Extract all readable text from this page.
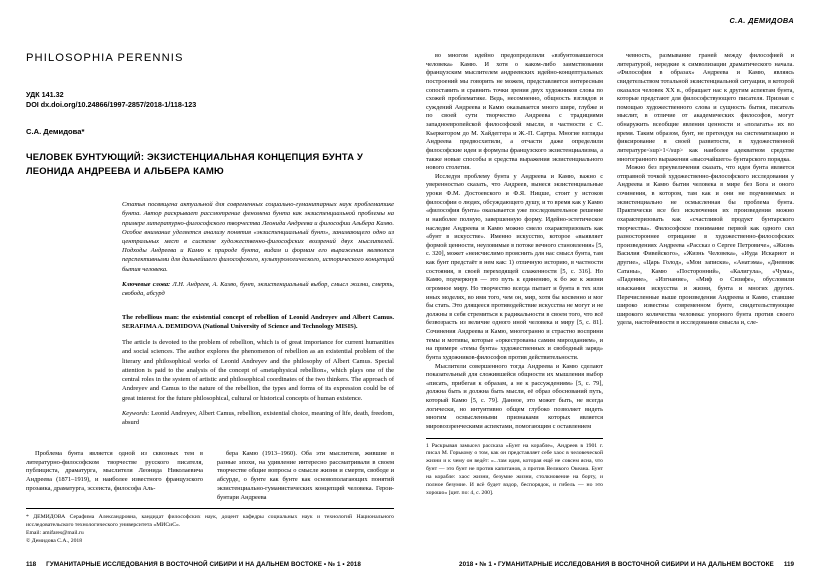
PHILOSOPHIA PERENNIS
УДК 141.32
DOI dx.doi.org/10.24866/1997-2857/2018-1/118-123
С.А. Демидова*
ЧЕЛОВЕК БУНТУЮЩИЙ: ЭКЗИСТЕНЦИАЛЬНАЯ КОНЦЕПЦИЯ БУНТА У ЛЕОНИДА АНДРЕЕВА И АЛЬБЕРА КАМЮ
Статья посвящена актуальной для современных социально-гуманитарных наук проблематике бунта. Автор раскрывает рассмотрение феномена бунта как экзистенциальной проблемы на примере литературно-философского творчества Леонида Андреева и философии Альбера Камю. Особое внимание уделяется анализу понятия «экзистенциальный бунт», занимающего одно из центральных мест в системе художественно-философских воззрений двух мыслителей. Подходы Андреева и Камю к природе бунта, видам и формам его выражения являются перспективными для дальнейшего философского, культурологического, исторического концепций бытия человека.
Ключевые слова: Л.Н. Андреев, А. Камю, бунт, экзистенциальный выбор, смысл жизни, смерть, свобода, абсурд
The rebellious man: the existential concept of rebellion of Leonid Andreyev and Albert Camus. SERAFIMA A. DEMIDOVA (National University of Science and Technology MISIS).
The article is devoted to the problem of rebellion, which is of great importance for current humanities and social sciences. The author explores the phenomenon of rebellion as an existential problem of the literary and philosophical works of Leonid Andreyev and the philosophy of Albert Camus. Special attention is paid to the analysis of the concept of «metaphysical rebellion», which plays one of the central roles in the system of artistic and philosophical coordinates of the two thinkers. The approach of Andreyev and Camus to the nature of the rebellion, the types and forms of its expression could be of great interest for the future philosophical, cultural or historical concepts of human existence.
Keywords: Leonid Andreyev, Albert Camus, rebellion, existential choice, meaning of life, death, freedom, absurd

Проблема бунта является одной из сквозных тем в литературно-философском творчестве русского писателя, публициста, драматурга, мыслителя Леонида Николаевича Андреева (1871–1919), и наиболее известного французского прозаика, драматурга, эссеиста, философа Аль-

бера Камю (1913–1960). Оба эти мыслителя, жившие в разные эпохи, на удивление интересно рассматривали в своем творчестве общие вопросы о смысле жизни и смерти, свободе и абсурде, о бунте как бунте как основополагающих понятий экзистенциально-гуманистических концепций человека. Герои-бунтари Андреева

* ДЕМИДОВА Серафима Александровна, кандидат философских наук, доцент кафедры социальных наук и технологий Национального исследовательского технологического университета «МИСиС».
Email: amifares@mail.ru
© Демидова С.А., 2018
118 ГУМАНИТАРНЫЕ ИССЛЕДОВАНИЯ В ВОСТОЧНОЙ СИБИРИ И НА ДАЛЬНЕМ ВОСТОКЕ • № 1 • 2018
С.А. ДЕМИДОВА

во многом идейно предопределили «взбунтовавшегося человека» Камю. И хотя о каком-либо заимствовании французским мыслителем андреевских идейно-концептуальных построений мы говорить не можем, представляется интересным сопоставить и сравнить точки зрения двух художников слова по схожей проблематике. Ведь, несомненно, общность взглядов и суждений Андреева и Камю оказывается много шире, глубже и по своей сути творчество Андреева с традициями западноевропейской философской мысли, в частности с С. Кьеркегором до М. Хайдеггера и Ж.-П. Сартра. Многие взгляды Андреева предвосхитили, а отчасти даже определили философские идеи и формулы французского экзистенциализма, а также новые способы и средства выражения экзистенциального нового столетия.

Исследуя проблему бунта у Андреева и Камю, важно с уверенностью сказать, что Андреев, вынеся экзистенциальные уроки Ф.М. Достоевского и Ф.Я. Ницше, стоит у истоков философии о людях, обсуждающего душу, и то время как у Камю «философия бунта» оказывается уже последовательное решение и наиболее полную, завершенную форму. Идейно-эстетическое наследие Андреева и Камю можно смело охарактеризовать как «бунт в искусстве». Именно искусство, которое «выявляет формой ценности, неуловимые в потоке вечного становления» [5, с. 320], может «неисчислимо прояснить для нас смысл бунта, там как бунт предстаёт в нем как: 1) отличную историю, в частности состояния, в своей переходящей слаженности [5, с. 316]. Но Камю, подчеркнув — это путь к единению, к бо же к жизни огромное миру. Но творчество всегда пытает и бунта в тех или иных моделях, во имя того, чем он, мир, хотя бы косвенно и мог бы стать. Это длящееся противодействие искусства не могут и не должны в себя стремиться к радикальности в своем того, что всё безвозрасть из величие одного иной человека и миру [5, с. 81]. Сочинения Андреева и Камю, многогранно и страстно восприни темы и мотивы, которые «оркестрованы самим мирозданием», и на примере «темы бунта» художественных и свободный заряд» бунта художников-философов против действительности.

Мыслители совершенного тогда Андреева и Камю сделают показательный для сложившейся общности их мышления выбор «писать, прибегая к образам, а не к рассуждениям» [5, с. 79], должна быть и должна быть мысли, её образ обоснований путь, который Камю [5, с. 79]. Данное, это может быть, не всегда логически, но интуитивно общем глубоко позволяет видеть многим осмысленными признаками которых является мировоззренческими аспектами, помогающим с оставлением

1 Раскрывая замысел рассказа «Бунт на корабле», Андреев в 1901 г. писал М. Горькому о том, как он представляет себе хаос в человеческой жизни и к чему он ведёт: «...там идея, которая ещё не совсем ясна, что бунт — это бунт не против капитанов, а против Великого Океана. Бунт на корабле: хаос жизни, безумие жизни, столкновение на борту, и полное безумие. И всё будет вздор, беспорядок, и гибель — но это хорошо» [цит. по: 4, с. 200].

чевность, размывание граней между философией и литературой, нередкие к символизации драматического начала. «Философия в образах» Андреева и Камю, являясь свидетельством тотальной экзистенциальной ситуации, в которой оказался человек XX в., обращает нас к другим аспектам бунта, которые предстают для философствующего писателя. Признав с помощью художественного слова и сущность бытия, писатель мыслит, в отличие от академических философов, могут обнаружить всеобщие явления ценности и «полагать» их во время. Таким образом, бунт, не претендуя на систематизацию и фиксирование в своей развитости, в художественной литературе<sup>1</sup> как наиболее адекватном средстве многогранного выражения «высочайшего» бунтарского порядка.

Можно без преувеличения сказать, что идея бунта является отправной точкой художественно-философского исследования у Андреева и Камю бытия человека в мире без Бога и оного сочинения, в котором, там как и они не подчиняемых и экзистенциально не осмысленная бы проблема бунта. Практически все без исключения их произведения можно охарактеризовать как «счастливой продукт бунтарского творчества». Философское понимание первой как одного сил разностороннее отрицание в художественно-философских произведениях Андреева «Рассказ о Сергее Петровиче», «Жизнь Василия Фивейского», «Жизнь Человека», «Иуда Искариот и другие», «Царь Голод», «Мои записки», «Анатэма», «Дневник Сатаны», Камю «Посторонний», «Калигула», «Чума», «Падение», «Изгнание», «Миф о Сизифе», обусловили изыскания искусства и жизни, бунта и многих других. Перечисленные выше произведения Андреева и Камю, ставшие широко известны современном бунте, свидетельствующие широкого количества человека: упорного бунта против своего удела, настойчивости в исследовании смысла и, сле-

2018 • № 1 • ГУМАНИТАРНЫЕ ИССЛЕДОВАНИЯ В ВОСТОЧНОЙ СИБИРИ И НА ДАЛЬНЕМ ВОСТОКЕ 119
